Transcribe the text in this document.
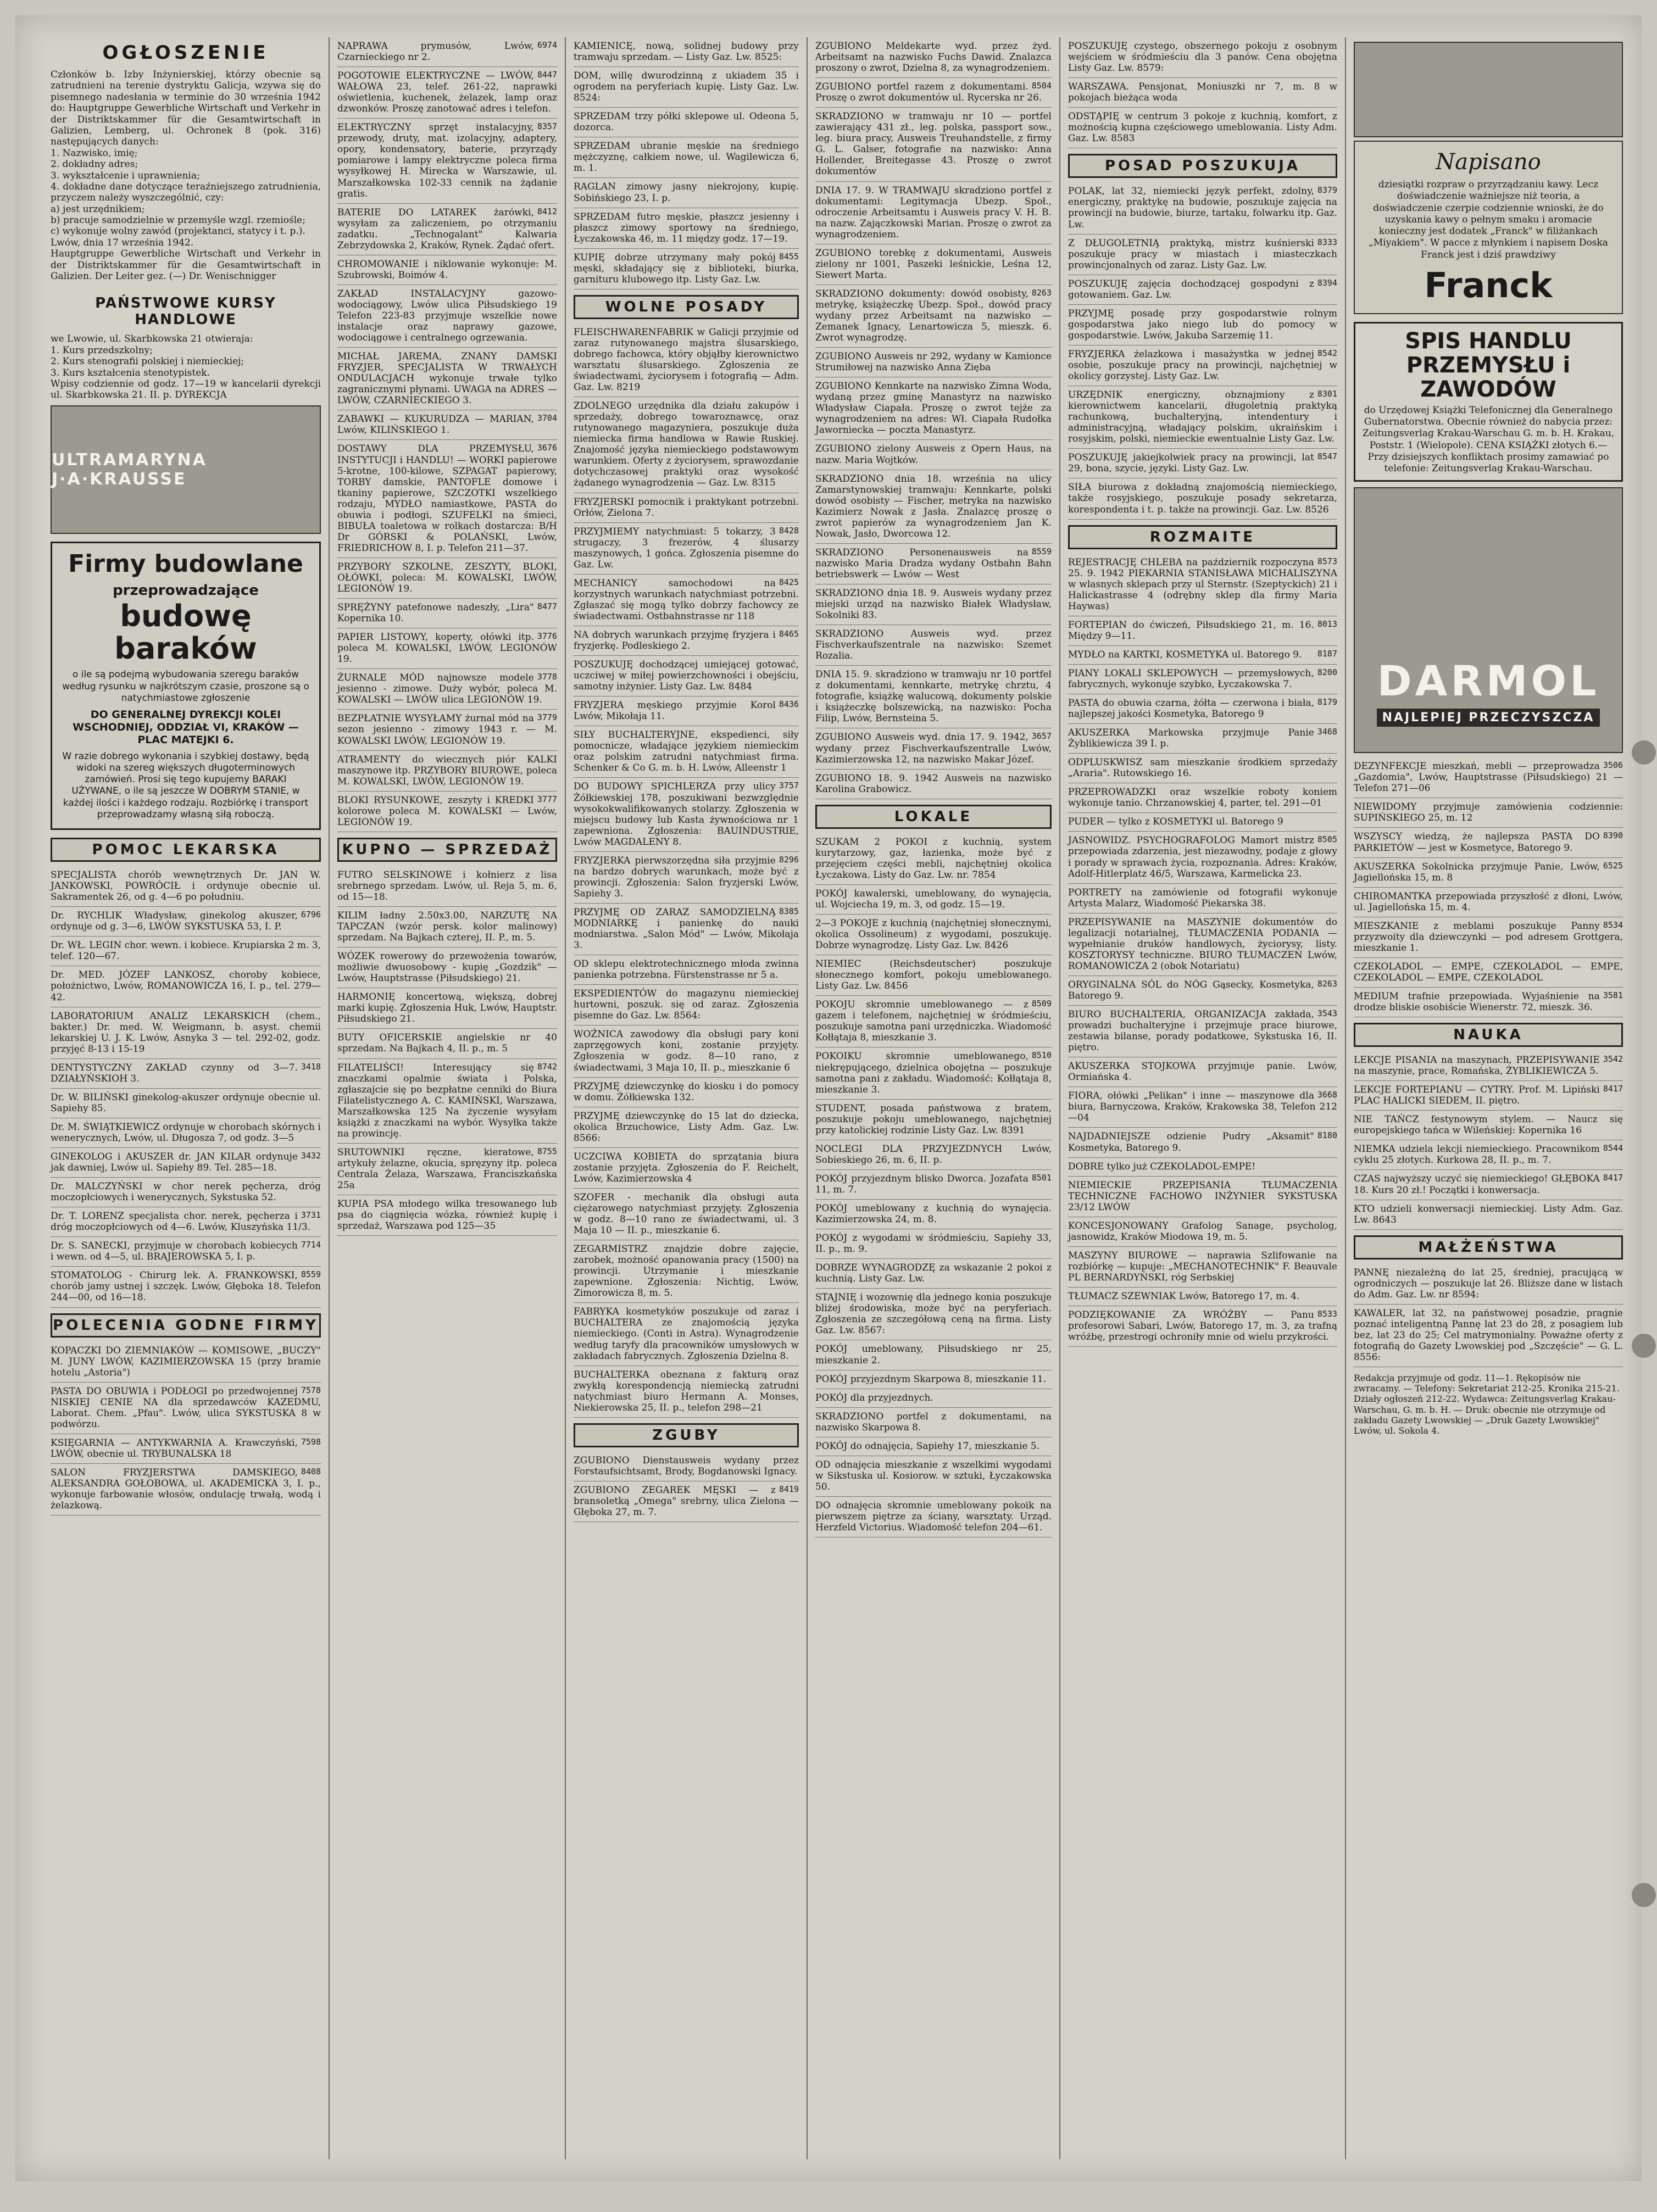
OGŁOSZENIE

Członków b. Izby Inżynierskiej, którzy obecnie są zatrudnieni na terenie dystryktu Galicja, wzywa się do pisemnego nadesłania w terminie do 30 września 1942 do: Hauptgruppe Gewerbliche Wirtschaft und Verkehr in der Distriktskammer für die Gesamtwirtschaft in Galizien, Lemberg, ul. Ochronek 8 (pok. 316) następujących danych:

1. Nazwisko, imię;

2. dokładny adres;

3. wykształcenie i uprawnienia;

4. dokładne dane dotyczące teraźniejszego zatrudnienia, przyczem należy wyszczególnić, czy:

a) jest urzędnikiem;

b) pracuje samodzielnie w przemyśle wzgl. rzemiośle;

c) wykonuje wolny zawód (projektanci, statycy i t. p.).

Lwów, dnia 17 września 1942.

Hauptgruppe Gewerbliche Wirtschaft und Verkehr in der Distriktskammer für die Gesamtwirtschaft in Galizien. Der Leiter gez. (—) Dr. Wenischnigger

PAŃSTWOWE KURSY HANDLOWE

we Lwowie, ul. Skarbkowska 21 otwieraja:

1. Kurs przedszkolny;

2. Kurs stenografii polskiej i niemieckiej;

3. Kurs kształcenia stenotypistek.

Wpisy codziennie od godz. 17—19 w kancelarii dyrekcji ul. Skarbkowska 21. II. p. DYREKCJA

ULTRAMARYNA J·A·KRAUSSE
Firmy budowlane
przeprowadzające
budowę baraków
o ile są podejmą wybudowania szeregu baraków według rysunku w najkrótszym czasie, proszone są o natychmiastowe zgłoszenie
DO GENERALNEJ DYREKCJI KOLEI WSCHODNIEJ, ODDZIAŁ VI, KRAKÓW — PLAC MATEJKI 6.
W razie dobrego wykonania i szybkiej dostawy, będą widoki na szereg większych długoterminowych zamówień. Prosi się tego kupujemy BARAKI UŻYWANE, o ile są jeszcze W DOBRYM STANIE, w każdej ilości i każdego rodzaju. Rozbiórkę i transport przeprowadzamy własną siłą roboczą.
POMOC LEKARSKA
SPECJALISTA chorób wewnętrznych Dr. JAN W. JANKOWSKI, POWRÓCIŁ i ordynuje obecnie ul. Sakramentek 26, od g. 4—6 po południu.
6796
Dr. RYCHLIK Władysław, ginekolog akuszer, ordynuje od g. 3—6, LWÓW SYKSTUSKA 53, I. P.
Dr. WŁ. LEGIN chor. wewn. i kobiece. Krupiarska 2 m. 3, telef. 120—67.
Dr. MED. JÓZEF LANKOSZ, choroby kobiece, położnictwo, Lwów, ROMANOWICZA 16, I. p., tel. 279—42.
LABORATORIUM ANALIZ LEKARSKICH (chem., bakter.) Dr. med. W. Weigmann, b. asyst. chemii lekarskiej U. J. K. Lwów, Asnyka 3 — tel. 292-02, godz. przyjęć 8-13 i 15-19
3418
DENTYSTYCZNY ZAKŁAD czynny od 3—7. DZIAŁYŃSKIOH 3.
Dr. W. BILIŃSKI ginekolog-akuszer ordynuje obecnie ul. Sapiehy 85.
Dr. M. ŚWIĄTKIEWICZ ordynuje w chorobach skórnych i wenerycznych, Lwów, ul. Długosza 7, od godz. 3—5
3432
GINEKOLOG i AKUSZER dr. JAN KILAR ordynuje jak dawniej, Lwów ul. Sapiehy 89. Tel. 285—18.
Dr. MALCZYŃSKI w chor nerek pęcherza, dróg moczopłciowych i wenerycznych, Sykstuska 52.
3731
Dr. T. LORENZ specjalista chor. nerek, pęcherza i dróg moczopłciowych od 4—6. Lwów, Kluszyńska 11/3.
7714
Dr. S. SANECKI, przyjmuje w chorobach kobiecych i wewn. od 4—5, ul. BRAJEROWSKA 5, I. p.
8559
STOMATOLOG - Chirurg lek. A. FRANKOWSKI, chorób jamy ustnej i szczęk. Lwów, Głęboka 18. Telefon 244—00, od 16—18.
POLECENIA GODNE FIRMY
KOPACZKI DO ZIEMNIAKÓW — KOMISOWE, „BUCZY" M. JUNY LWÓW, KAZIMIERZOWSKA 15 (przy bramie hotelu „Astoria")
7578
PASTA DO OBUWIA i PODŁOGI po przedwojennej NISKIEJ CENIE NA dla sprzedawców KAZEDMU, Laborat. Chem. „Pfau". Lwów, ulica SYKSTUSKA 8 w podwórzu.
7598
KSIĘGARNIA — ANTYKWARNIA A. Krawczyński, LWÓW, obecnie ul. TRYBUNALSKA 18
8408
SALON FRYZJERSTWA DAMSKIEGO, ALEKSANDRA GOŁOBOWA, ul. AKADEMICKA 3, I. p., wykonuje farbowanie włosów, ondulację trwałą, wodą i żelazkową.
6974
NAPRAWA prymusów, Lwów, Czarnieckiego nr 2.
8447
POGOTOWIE ELEKTRYCZNE — LWÓW, WAŁOWA 23, telef. 261-22, naprawki oświetlenia, kuchenek, żelazek, lamp oraz dzwonków. Proszę zanotować adres i telefon.
8357
ELEKTRYCZNY sprzęt instalacyjny, przewody, druty, mat. izolacyjny, adaptery, opory, kondensatory, baterie, przyrządy pomiarowe i lampy elektryczne poleca firma wysyłkowej H. Mirecka w Warszawie, ul. Marszałkowska 102-33 cennik na żądanie gratis.
8412
BATERIE DO LATAREK żarówki, wysyłam za zaliczeniem, po otrzymaniu zadatku. „Technogalant" Kalwaria Zebrzydowska 2, Kraków, Rynek. Żądać ofert.
CHROMOWANIE i niklowanie wykonuje: M. Szubrowski, Boimów 4.
ZAKŁAD INSTALACYJNY gazowo-wodociągowy, Lwów ulica Piłsudskiego 19 Telefon 223-83 przyjmuje wszelkie nowe instalacje oraz naprawy gazowe, wodociągowe i centralnego ogrzewania.
MICHAŁ JAREMA, ZNANY DAMSKI FRYZJER, SPECJALISTA W TRWAŁYCH ONDULACJACH wykonuje trwałe tylko zagranicznymi płynami. UWAGA na ADRES — LWÓW, CZARNIECKIEGO 3.
3704
ZABAWKI — KUKURUDZA — MARIAN, Lwów, KILIŃSKIEGO 1.
3676
DOSTAWY DLA PRZEMYSŁU, INSTYTUCJI i HANDLU! — WORKI papierowe 5-krotne, 100-kilowe, SZPAGAT papierowy, TORBY damskie, PANTOFLE domowe i tkaniny papierowe, SZCZOTKI wszelkiego rodzaju, MYDŁO namiastkowe, PASTA do obuwia i podłogi, SZUFELKI na śmieci, BIBUŁA toaletowa w rolkach dostarcza: B/H Dr GÓRSKI & POLAŃSKI, Lwów, FRIEDRICHOW 8, I. p. Telefon 211—37.
PRZYBORY SZKOLNE, ZESZYTY, BLOKI, OŁÓWKI, poleca: M. KOWALSKI, LWÓW, LEGIONÓW 19.
8477
SPRĘŻYNY patefonowe nadeszły, „Lira" Kopernika 10.
3776
PAPIER LISTOWY, koperty, ołówki itp. poleca M. KOWALSKI, LWÓW, LEGIONÓW 19.
3778
ŻURNALE MÓD najnowsze modele jesienno - zimowe. Duży wybór, poleca M. KOWALSKI — LWÓW ulica LEGIONÓW 19.
3779
BEZPŁATNIE WYSYŁAMY żurnal mód na sezon jesienno - zimowy 1943 r. — M. KOWALSKI LWÓW, LEGIONÓW 19.
ATRAMENTY do wiecznych piór KALKI maszynowe itp. PRZYBORY BIUROWE, poleca M. KOWALSKI, LWÓW, LEGIONÓW 19.
3777
BLOKI RYSUNKOWE, zeszyty i KREDKI kolorowe poleca M. KOWALSKI — Lwów, LEGIONÓW 19.
KUPNO — SPRZEDAŻ
FUTRO SELSKINOWE i kołnierz z lisa srebrnego sprzedam. Lwów, ul. Reja 5, m. 6, od 15—18.
KILIM ładny 2.50x3.00, NARZUTĘ NA TAPCZAN (wzór persk. kolor malinowy) sprzedam. Na Bajkach czterej, II. P., m. 5.
WÓZEK rowerowy do przewożenia towarów, możliwie dwuosobowy - kupię „Gozdzik" — Lwów, Hauptstrasse (Piłsudskiego) 21.
HARMONIĘ koncertową, większą, dobrej marki kupię. Zgłoszenia Huk, Lwów, Hauptstr. Piłsudskiego 21.
BUTY OFICERSKIE angielskie nr 40 sprzedam. Na Bajkach 4, II. p., m. 5
8742
FILATELIŚCI! Interesujący się znaczkami opalmie świata i Polska, zgłaszajcie się po bezpłatne cenniki do Biura Filatelistycznego A. C. KAMIŃSKI, Warszawa, Marszałkowska 125 Na życzenie wysyłam książki z znaczkami na wybór. Wysyłka także na prowincję.
8755
SRUTOWNIKI ręczne, kieratowe, artykuły żelazne, okucia, spręzyny itp. poleca Centrala Żelaza, Warszawa, Franciszkańska 25a
KUPIA PSA młodego wilka tresowanego lub psa do ciągnięcia wózka, również kupię i sprzedaż, Warszawa pod 125—35
KAMIENICĘ, nową, solidnej budowy przy tramwaju sprzedam. — Listy Gaz. Lw. 8525:
DOM, willę dwurodzinną z ukiadem 35 i ogrodem na peryferiach kupię. Listy Gaz. Lw. 8524:
SPRZEDAM trzy półki sklepowe ul. Odeona 5, dozorca.
SPRZEDAM ubranie męskie na średniego mężczyznę, całkiem nowe, ul. Wagilewicza 6, m. 1.
RAGLAN zimowy jasny niekrojony, kupię. Sobińskiego 23, I. p.
SPRZEDAM futro męskie, płaszcz jesienny i płaszcz zimowy sportowy na średniego, Łyczakowska 46, m. 11 między godz. 17—19.
8455
KUPIĘ dobrze utrzymany mały pokój męski, składający się z biblioteki, biurka, garnituru klubowego itp. Listy Gaz. Lw.
WOLNE POSADY
FLEISCHWARENFABRIK w Galicji przyjmie od zaraz rutynowanego majstra ślusarskiego, dobrego fachowca, który objąłby kierownictwo warsztatu ślusarskiego. Zgłoszenia ze świadectwami, życiorysem i fotografią — Adm. Gaz. Lw. 8219
ZDOLNEGO urzędnika dla działu zakupów i sprzedaży, dobrego towaroznawcę, oraz rutynowanego magazyniera, poszukuje duża niemiecka firma handlowa w Rawie Ruskiej. Znajomość języka niemieckiego podstawowym warunkiem. Oferty z życiorysem, sprawozdanie dotychczasowej praktyki oraz wysokość żądanego wynagrodzenia — Gaz. Lw. 8315
FRYZJERSKI pomocnik i praktykant potrzebni. Orłów, Zielona 7.
8428
PRZYJMIEMY natychmiast: 5 tokarzy, 3 strugaczy, 3 frezerów, 4 ślusarzy maszynowych, 1 gońca. Zgłoszenia pisemne do Gaz. Lw.
8425
MECHANICY samochodowi na korzystnych warunkach natychmiast potrzebni. Zgłaszać się mogą tylko dobrzy fachowcy ze świadectwami. Ostbahnstrasse nr 118
8465
NA dobrych warunkach przyjmę fryzjera i fryzjerkę. Podleskiego 2.
POSZUKUJĘ dochodzącej umiejącej gotować, uczciwej w miłej powierzchowności i obejściu, samotny inżynier. Listy Gaz. Lw. 8484
8436
FRYZJERA męskiego przyjmie Korol Lwów, Mikołaja 11.
SIŁY BUCHALTERYJNE, ekspedienci, siły pomocnicze, władające językiem niemieckim oraz polskim zatrudni natychmiast firma. Schenker & Co G. m. b. H. Lwów, Alleenstr 1
3757
DO BUDOWY SPICHLERZA przy ulicy Żółkiewskiej 178, poszukiwani bezwzględnie wysokokwalifikowanych stolarzy. Zgłoszenia w miejscu budowy lub Kasta żywnościowa nr 1 zapewniona. Zgłoszenia: BAUINDUSTRIE, Lwów MAGDALENY 8.
8296
FRYZJERKA pierwszorzędna siła przyjmie na bardzo dobrych warunkach, może być z prowincji. Zgłoszenia: Salon fryzjerski Lwów, Sapiehy 3.
8385
PRZYJMĘ OD ZARAZ SAMODZIELNĄ MODNIARKĘ i panienkę do nauki modniarstwa. „Salon Mód" — Lwów, Mikołaja 3.
OD sklepu elektrotechnicznego młoda zwinna panienka potrzebna. Fürstenstrasse nr 5 a.
EKSPEDIENTÓW do magazynu niemieckiej hurtowni, poszuk. się od zaraz. Zgłoszenia pisemne do Gaz. Lw. 8564:
WOŹNICA zawodowy dla obsługi pary koni zaprzęgowych koni, zostanie przyjęty. Zgłoszenia w godz. 8—10 rano, z świadectwami, 3 Maja 10, II. p., mieszkanie 6
PRZYJMĘ dziewczynkę do kiosku i do pomocy w domu. Żółkiewska 132.
PRZYJMĘ dziewczynkę do 15 lat do dziecka, okolica Brzuchowice, Listy Adm. Gaz. Lw. 8566:
UCZCIWA KOBIETA do sprzątania biura zostanie przyjęta. Zgłoszenia do F. Reichelt, Lwów, Kazimierzowska 4
SZOFER - mechanik dla obsługi auta ciężarowego natychmiast przyjęty. Zgłoszenia w godz. 8—10 rano ze świadectwami, ul. 3 Maja 10 — II. p., mieszkanie 6.
ZEGARMISTRZ znajdzie dobre zajęcie, zarobek, możność opanowania pracy (1500) na prowincji. Utrzymanie i mieszkanie zapewnione. Zgłoszenia: Nichtig, Lwów, Zimorowicza 8, m. 5.
FABRYKA kosmetyków poszukuje od zaraz i BUCHALTERA ze znajomością języka niemieckiego. (Conti in Astra). Wynagrodzenie według taryfy dla pracowników umysłowych w zakładach fabrycznych. Zgłoszenia Dzielna 8.
BUCHALTERKA obeznana z fakturą oraz zwykłą korespondencją niemiecką zatrudni natychmiast biuro Hermann A. Monses, Niekierowska 25, II. p., telefon 298—21
ZGUBY
ZGUBIONO Dienstausweis wydany przez Forstaufsichtsamt, Brody, Bogdanowski Ignacy.
8419
ZGUBIONO ZEGAREK MĘSKI — z bransoletką „Omega" srebrny, ulica Zielona — Głęboka 27, m. 7.
ZGUBIONO Meldekarte wyd. przez żyd. Arbeitsamt na nazwisko Fuchs Dawid. Znalazca proszony o zwrot, Dzielna 8, za wynagrodzeniem.
8504
ZGUBIONO portfel razem z dokumentami. Proszę o zwrot dokumentów ul. Rycerska nr 26.
SKRADZIONO w tramwaju nr 10 — portfel zawierający 431 zł., leg. polska, passport sow., leg. biura pracy, Ausweis Treuhandstelle, z firmy G. L. Galser, fotografie na nazwisko: Anna Hollender, Breitegasse 43. Proszę o zwrot dokumentów
DNIA 17. 9. W TRAMWAJU skradziono portfel z dokumentami: Legitymacja Ubezp. Społ., odroczenie Arbeitsamtu i Ausweis pracy V. H. B. na nazw. Zajączkowski Marian. Proszę o zwrot za wynagrodzeniem.
ZGUBIONO torebkę z dokumentami, Ausweis zielony nr 1001, Paszeki leśnickie, Leśna 12, Siewert Marta.
8263
SKRADZIONO dokumenty: dowód osobisty, metrykę, książeczkę Ubezp. Społ., dowód pracy wydany przez Arbeitsamt na nazwisko — Zemanek Ignacy, Lenartowicza 5, mieszk. 6. Zwrot wynagrodzę.
ZGUBIONO Ausweis nr 292, wydany w Kamionce Strumiłowej na nazwisko Anna Zięba
ZGUBIONO Kennkarte na nazwisko Zimna Woda, wydaną przez gminę Manastyrz na nazwisko Władysław Ciapała. Proszę o zwrot tejże za wynagrodzeniem na adres: Wł. Ciapała Rudołka Jaworniecka — poczta Manastyrz.
ZGUBIONO zielony Ausweis z Opern Haus, na nazw. Maria Wojtków.
SKRADZIONO dnia 18. września na ulicy Zamarstynowskiej tramwaju: Kennkarte, polski dowód osobisty — Fischer, metryka na nazwisko Kazimierz Nowak z Jasła. Znalazcę proszę o zwrot papierów za wynagrodzeniem Jan K. Nowak, Jasło, Dworcowa 12.
8559
SKRADZIONO Personenausweis na nazwisko Maria Dradza wydany Ostbahn Bahn betriebswerk — Lwów — West
SKRADZIONO dnia 18. 9. Ausweis wydany przez miejski urząd na nazwisko Białek Władysław, Sokolniki 83.
SKRADZIONO Ausweis wyd. przez Fischverkaufszentrale na nazwisko: Szemet Rozalia.
DNIA 15. 9. skradziono w tramwaju nr 10 portfel z dokumentami, kennkarte, metrykę chrztu, 4 fotografie, książkę walucową, dokumenty polskie i książeczkę bolszewicką, na nazwisko: Pocha Filip, Lwów, Bernsteina 5.
3657
ZGUBIONO Ausweis wyd. dnia 17. 9. 1942, wydany przez Fischverkaufszentralle Lwów, Kazimierzowska 12, na nazwisko Makar Józef.
ZGUBIONO 18. 9. 1942 Ausweis na nazwisko Karolina Grabowicz.
LOKALE
SZUKAM 2 POKOI z kuchnią, system kurytarzowy, gaz, łazienka, może być z przejęciem części mebli, najchętniej okolica Łyczakowa. Listy do Gaz. Lw. nr. 7854
POKÓJ kawalerski, umeblowany, do wynajęcia, ul. Wojciecha 19, m. 3, od godz. 15—19.
2—3 POKOJE z kuchnią (najchętniej słonecznymi, okolica Ossolineum) z wygodami, poszukuję. Dobrze wynagrodzę. Listy Gaz. Lw. 8426
NIEMIEC (Reichsdeutscher) poszukuje słonecznego komfort, pokoju umeblowanego. Listy Gaz. Lw. 8456
8509
POKOJU skromnie umeblowanego — z gazem i telefonem, najchętniej w śródmieściu, poszukuje samotna pani urzędniczka. Wiadomość Kołłątaja 8, mieszkanie 3.
8510
POKOIKU skromnie umeblowanego, niekrępującego, dzielnica obojętna — poszukuje samotna pani z zakładu. Wiadomość: Kołłątaja 8, mieszkanie 3.
STUDENT, posada państwowa z bratem, poszukuje pokoju umeblowanego, najchętniej przy katolickiej rodzinie Listy Gaz. Lw. 8391
NOCLEGI DLA PRZYJEZDNYCH Lwów, Sobieskiego 26, m. 6, II. p.
8501
POKÓJ przyjezdnym blisko Dworca. Jozafata 11, m. 7.
POKÓJ umeblowany z kuchnią do wynajęcia. Kazimierzowska 24, m. 8.
POKÓJ z wygodami w śródmieściu, Sapiehy 33, II. p., m. 9.
DOBRZE WYNAGRODZĘ za wskazanie 2 pokoi z kuchnią. Listy Gaz. Lw.
STAJNIĘ i wozownię dla jednego konia poszukuje bliżej środowiska, może być na peryferiach. Zgłoszenia ze szczegółową ceną na firma. Listy Gaz. Lw. 8567:
POKÓJ umeblowany, Piłsudskiego nr 25, mieszkanie 2.
POKÓJ przyjezdnym Skarpowa 8, mieszkanie 11.
POKÓJ dla przyjezdnych.
SKRADZIONO portfel z dokumentami, na nazwisko Skarpowa 8.
POKÓJ do odnajęcia, Sapiehy 17, mieszkanie 5.
OD odnajęcia mieszkanie z wszelkimi wygodami w Sikstuska ul. Kosiorow. w sztuki, Łyczakowska 50.
DO odnajęcia skromnie umeblowany pokoik na pierwszem piętrze za ściany, warsztaty. Urząd. Herzfeld Victorius. Wiadomość telefon 204—61.
POSZUKUJĘ czystego, obszernego pokoju z osobnym wejściem w śródmieściu dla 3 panów. Cena obojętna Listy Gaz. Lw. 8579:
WARSZAWA. Pensjonat, Moniuszki nr 7, m. 8 w pokojach bieżąca woda
ODSTĄPIĘ w centrum 3 pokoje z kuchnią, komfort, z możnością kupna częściowego umeblowania. Listy Adm. Gaz. Lw. 8583
POSAD POSZUKUJA
8379
POLAK, lat 32, niemiecki język perfekt, zdolny, energiczny, praktykę na budowie, poszukuje zajęcia na prowincji na budowie, biurze, tartaku, folwarku itp. Gaz. Lw.
8333
Z DŁUGOLETNIĄ praktyką, mistrz kuśnierski poszukuje pracy w miastach i miasteczkach prowincjonalnych od zaraz. Listy Gaz. Lw.
8394
POSZUKUJĘ zajęcia dochodzącej gospodyni z gotowaniem. Gaz. Lw.
PRZYJMĘ posadę przy gospodarstwie rolnym gospodarstwa jako niego lub do pomocy w gospodarstwie. Lwów, Jakuba Sarzemię 11.
8542
FRYZJERKA żelazkowa i masażystka w jednej osobie, poszukuje pracy na prowincji, najchętniej w okolicy gorzystej. Listy Gaz. Lw.
8301
URZĘDNIK energiczny, obznajmiony z kierownictwem kancelarii, długoletnią praktyką rachunkową, buchalteryjną, intendentury i administracyjną, władający polskim, ukraińskim i rosyjskim, polski, niemieckie ewentualnie Listy Gaz. Lw.
8547
POSZUKUJĘ jakiejkolwiek pracy na prowincji, lat 29, bona, szycie, języki. Listy Gaz. Lw.
SIŁA biurowa z dokładną znajomością niemieckiego, także rosyjskiego, poszukuje posady sekretarza, korespondenta i t. p. także na prowincji. Gaz. Lw. 8526
ROZMAITE
8573
REJESTRACJĘ CHLEBA na październik rozpoczyna 25. 9. 1942 PIEKARNIA STANISŁAWA MICHALISZYNA w wlasnych sklepach przy ul Sternstr. (Szeptyckich) 21 i Halickastrasse 4 (odrębny sklep dla firmy Maria Haywas)
8013
FORTEPIAN do ćwiczeń, Piłsudskiego 21, m. 16. Między 9—11.
8187
MYDŁO na KARTKI, KOSMETYKA ul. Batorego 9.
8200
PIANY LOKALI SKLEPOWYCH — przemysłowych, fabrycznych, wykonuje szybko, Łyczakowska 7.
8179
PASTA do obuwia czarna, żółta — czerwona i biała, najlepszej jakości Kosmetyka, Batorego 9
3468
AKUSZERKA Markowska przyjmuje Panie Żyblikiewicza 39 I. p.
ODPLUSKWISZ sam mieszkanie środkiem sprzedaży „Araria". Rutowskiego 16.
PRZEPROWADZKI oraz wszelkie roboty koniem wykonuje tanio. Chrzanowskiej 4, parter, tel. 291—01
PUDER — tylko z KOSMETYKI ul. Batorego 9
8505
JASNOWIDZ. PSYCHOGRAFOLOG Mamort mistrz przepowiada zdarzenia, jest niezawodny, podaje z głowy i porady w sprawach życia, rozpoznania. Adres: Kraków, Adolf-Hitlerplatz 46/5, Warszawa, Karmelicka 23.
PORTRETY na zamówienie od fotografii wykonuje Artysta Malarz, Wiadomość Piekarska 38.
PRZEPISYWANIE na MASZYNIE dokumentów do legalizacji notarialnej, TŁUMACZENIA PODANIA — wypełnianie druków handlowych, życiorysy, listy. KOSZTORYSY techniczne. BIURO TŁUMACZEŃ Lwów, ROMANOWICZA 2 (obok Notariatu)
8263
ORYGINALNA SÓL do NÓG Gąsecky, Kosmetyka, Batorego 9.
3543
BIURO BUCHALTERIA, ORGANIZACJA zakłada, prowadzi buchalteryjne i przejmuje prace biurowe, zestawia bilanse, porady podatkowe, Sykstuska 16, II. piętro.
AKUSZERKA STOJKOWA przyjmuje panie. Lwów, Ormiańska 4.
3668
FIORA, ołówki „Pelikan" i inne — maszynowe dla biura, Barnyczowa, Kraków, Krakowska 38, Telefon 212—04
8180
NAJDADNIEJSZE odzienie Pudry „Aksamit" Kosmetyka, Batorego 9.
DOBRE tylko już CZEKOLADOL-EMPE!
NIEMIECKIE PRZEPISANIA TŁUMACZENIA TECHNICZNE FACHOWO INŻYNIER SYKSTUSKA 23/12 LWÓW
KONCESJONOWANY Grafolog Sanage, psycholog, jasnowidz, Kraków Miodowa 19, m. 5.
MASZYNY BIUROWE — naprawia Szlifowanie na rozbiórkę — kupuje: „MECHANOTECHNIK" F. Beauvale PL BERNARDYŃSKI, róg Serbskiej
TŁUMACZ SZEWNIAK Lwów, Batorego 17, m. 4.
8533
PODZIĘKOWANIE ZA WRÓŻBY — Panu profesorowi Sabari, Lwów, Batorego 17, m. 3, za trafną wróżbę, przestrogi ochroniły mnie od wielu przykrości.
Napisano
dziesiątki rozpraw o przyrządzaniu kawy. Lecz doświadczenie ważniejsze niż teoria, a doświadczenie czerpie codziennie wnioski, że do uzyskania kawy o pełnym smaku i aromacie konieczny jest dodatek „Franck" w filiżankach „Miyakiem". W pacce z młynkiem i napisem Doska Franck jest i dziś prawdziwy
Franck
SPIS HANDLU PRZEMYSŁU i ZAWODÓW

do Urzędowej Książki Telefonicznej dla Generalnego Gubernatorstwa. Obecnie również do nabycia przez: Zeitungsverlag Krakau-Warschau G. m. b. H. Krakau, Poststr. 1 (Wielopole). CENA KSIĄŻKI złotych 6.— Przy dzisiejszych konfliktach prosimy zamawiać po telefonie: Zeitungsverlag Krakau-Warschau.

DARMOL
NAJLEPIEJ PRZECZYSZCZA
3506
DEZYNFEKCJE mieszkań, mebli — przeprowadza „Gazdomia", Lwów, Hauptstrasse (Piłsudskiego) 21 — Telefon 271—06
NIEWIDOMY przyjmuje zamówienia codziennie: SUPIŃSKIEGO 25, m. 12
8390
WSZYSCY wiedzą, że najlepsza PASTA DO PARKIETÓW — jest w Kosmetyce, Batorego 9.
6525
AKUSZERKA Sokolnicka przyjmuje Panie, Lwów, Jagiellońska 15, m. 8
CHIROMANTKA przepowiada przyszłość z dłoni, Lwów, ul. Jagiellońska 15, m. 4.
8534
MIESZKANIE z meblami poszukuje Panny przyzwoity dla dziewczynki — pod adresem Grottgera, mieszkanie 1.
CZEKOLADOL — EMPE, CZEKOLADOL — EMPE, CZEKOLADOL — EMPE, CZEKOLADOL
3581
MEDIUM trafnie przepowiada. Wyjaśnienie na drodze bliskie osobiście Wienerstr. 72, mieszk. 36.
NAUKA
3542
LEKCJE PISANIA na maszynach, PRZEPISYWANIE na maszynie, prace, Romańska, ŻYBLIKIEWICZA 5.
8417
LEKCJE FORTEPIANU — CYTRY. Prof. M. Lipiński PLAC HALICKI SIEDEM, II. piętro.
NIE TAŃCZ festynowym stylem. — Naucz się europejskiego tańca w Wileńskiej: Kopernika 16
8544
NIEMKA udziela lekcji niemieckiego. Pracownikom cyklu 25 złotych. Kurkowa 28, II. p., m. 7.
8417
CZAS najwyższy uczyć się niemieckiego! GŁĘBOKA 18. Kurs 20 zł.! Początki i konwersacja.
KTO udzieli konwersacji niemieckiej. Listy Adm. Gaz. Lw. 8643
MAŁŻEŃSTWA
PANNĘ niezależną do lat 25, średniej, pracującą w ogrodniczych — poszukuje lat 26. Bliższe dane w listach do Adm. Gaz. Lw. nr 8594:
KAWALER, lat 32, na państwowej posadzie, pragnie poznać inteligentną Pannę lat 23 do 28, z posagiem lub bez, lat 23 do 25; Cel matrymonialny. Poważne oferty z fotografią do Gazety Lwowskiej pod „Szczęście" — G. L. 8556:
Redakcja przyjmuje od godz. 11—1. Rękopisów nie zwracamy. — Telefony: Sekretariat 212-25. Kronika 215-21. Działy ogłoszeń 212-22. Wydawca: Zeitungsverlag Krakau-Warschau, G. m. b. H. — Druk: obecnie nie otrzymuje od zakładu Gazety Lwowskiej — „Druk Gazety Lwowskiej" Lwów, ul. Sokola 4.
